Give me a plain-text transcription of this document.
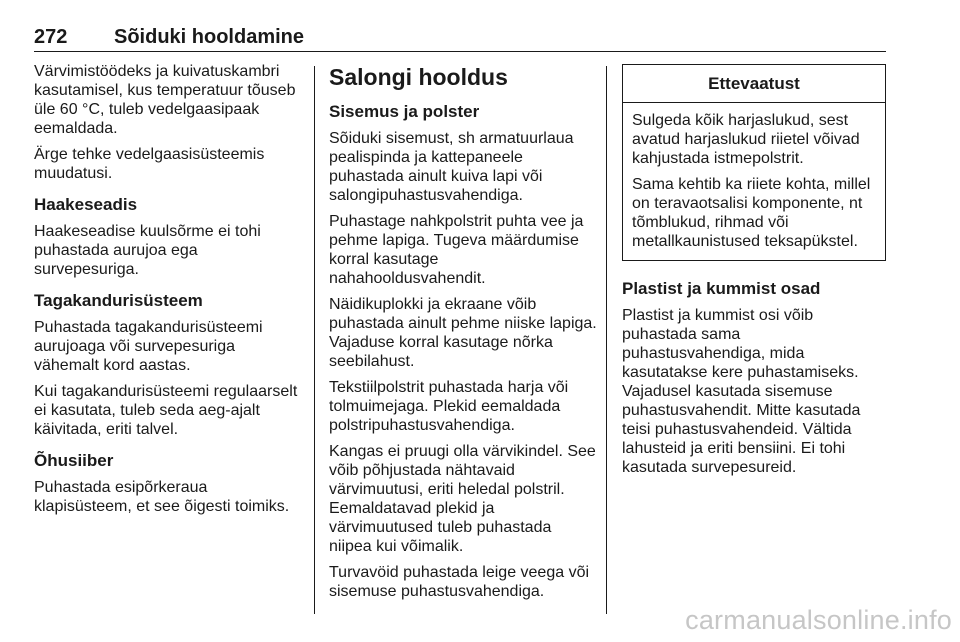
272 Sõiduki hooldamine

Värvimistöödeks ja kuivatuskambri kasutamisel, kus temperatuur tõuseb üle 60 °C, tuleb vedelgaasipaak eemaldada.

Ärge tehke vedelgaasisüsteemis muudatusi.

Haakeseadis

Haakeseadise kuulsõrme ei tohi puhastada aurujoa ega survepesuriga.

Tagakandurisüsteem

Puhastada tagakandurisüsteemi aurujoaga või survepesuriga vähemalt kord aastas.

Kui tagakandurisüsteemi regulaarselt ei kasutata, tuleb seda aeg-ajalt käivitada, eriti talvel.

Õhusiiber

Puhastada esipõrkeraua klapisüsteem, et see õigesti toimiks.

Salongi hooldus
Sisemus ja polster

Sõiduki sisemust, sh armatuurlaua pealispinda ja kattepaneele puhastada ainult kuiva lapi või salongipuhastusvahendiga.

Puhastage nahkpolstrit puhta vee ja pehme lapiga. Tugeva määrdumise korral kasutage nahahooldusvahendit.

Näidikuplokki ja ekraane võib puhastada ainult pehme niiske lapiga. Vajaduse korral kasutage nõrka seebilahust.

Tekstiilpolstrit puhastada harja või tolmuimejaga. Plekid eemaldada polstripuhastusvahendiga.

Kangas ei pruugi olla värvikindel. See võib põhjustada nähtavaid värvimuutusi, eriti heledal polstril. Eemaldatavad plekid ja värvimuutused tuleb puhastada niipea kui võimalik.

Turvavöid puhastada leige veega või sisemuse puhastusvahendiga.

Ettevaatust

Sulgeda kõik harjaslukud, sest avatud harjaslukud riietel võivad kahjustada istmepolstrit.

Sama kehtib ka riiete kohta, millel on teravaotsalisi komponente, nt tõmblukud, rihmad või metallkaunistused teksapükstel.

Plastist ja kummist osad

Plastist ja kummist osi võib puhastada sama puhastusvahendiga, mida kasutatakse kere puhastamiseks. Vajadusel kasutada sisemuse puhastusvahendit. Mitte kasutada teisi puhastusvahendeid. Vältida lahusteid ja eriti bensiini. Ei tohi kasutada survepesureid.

carmanualsonline.info
